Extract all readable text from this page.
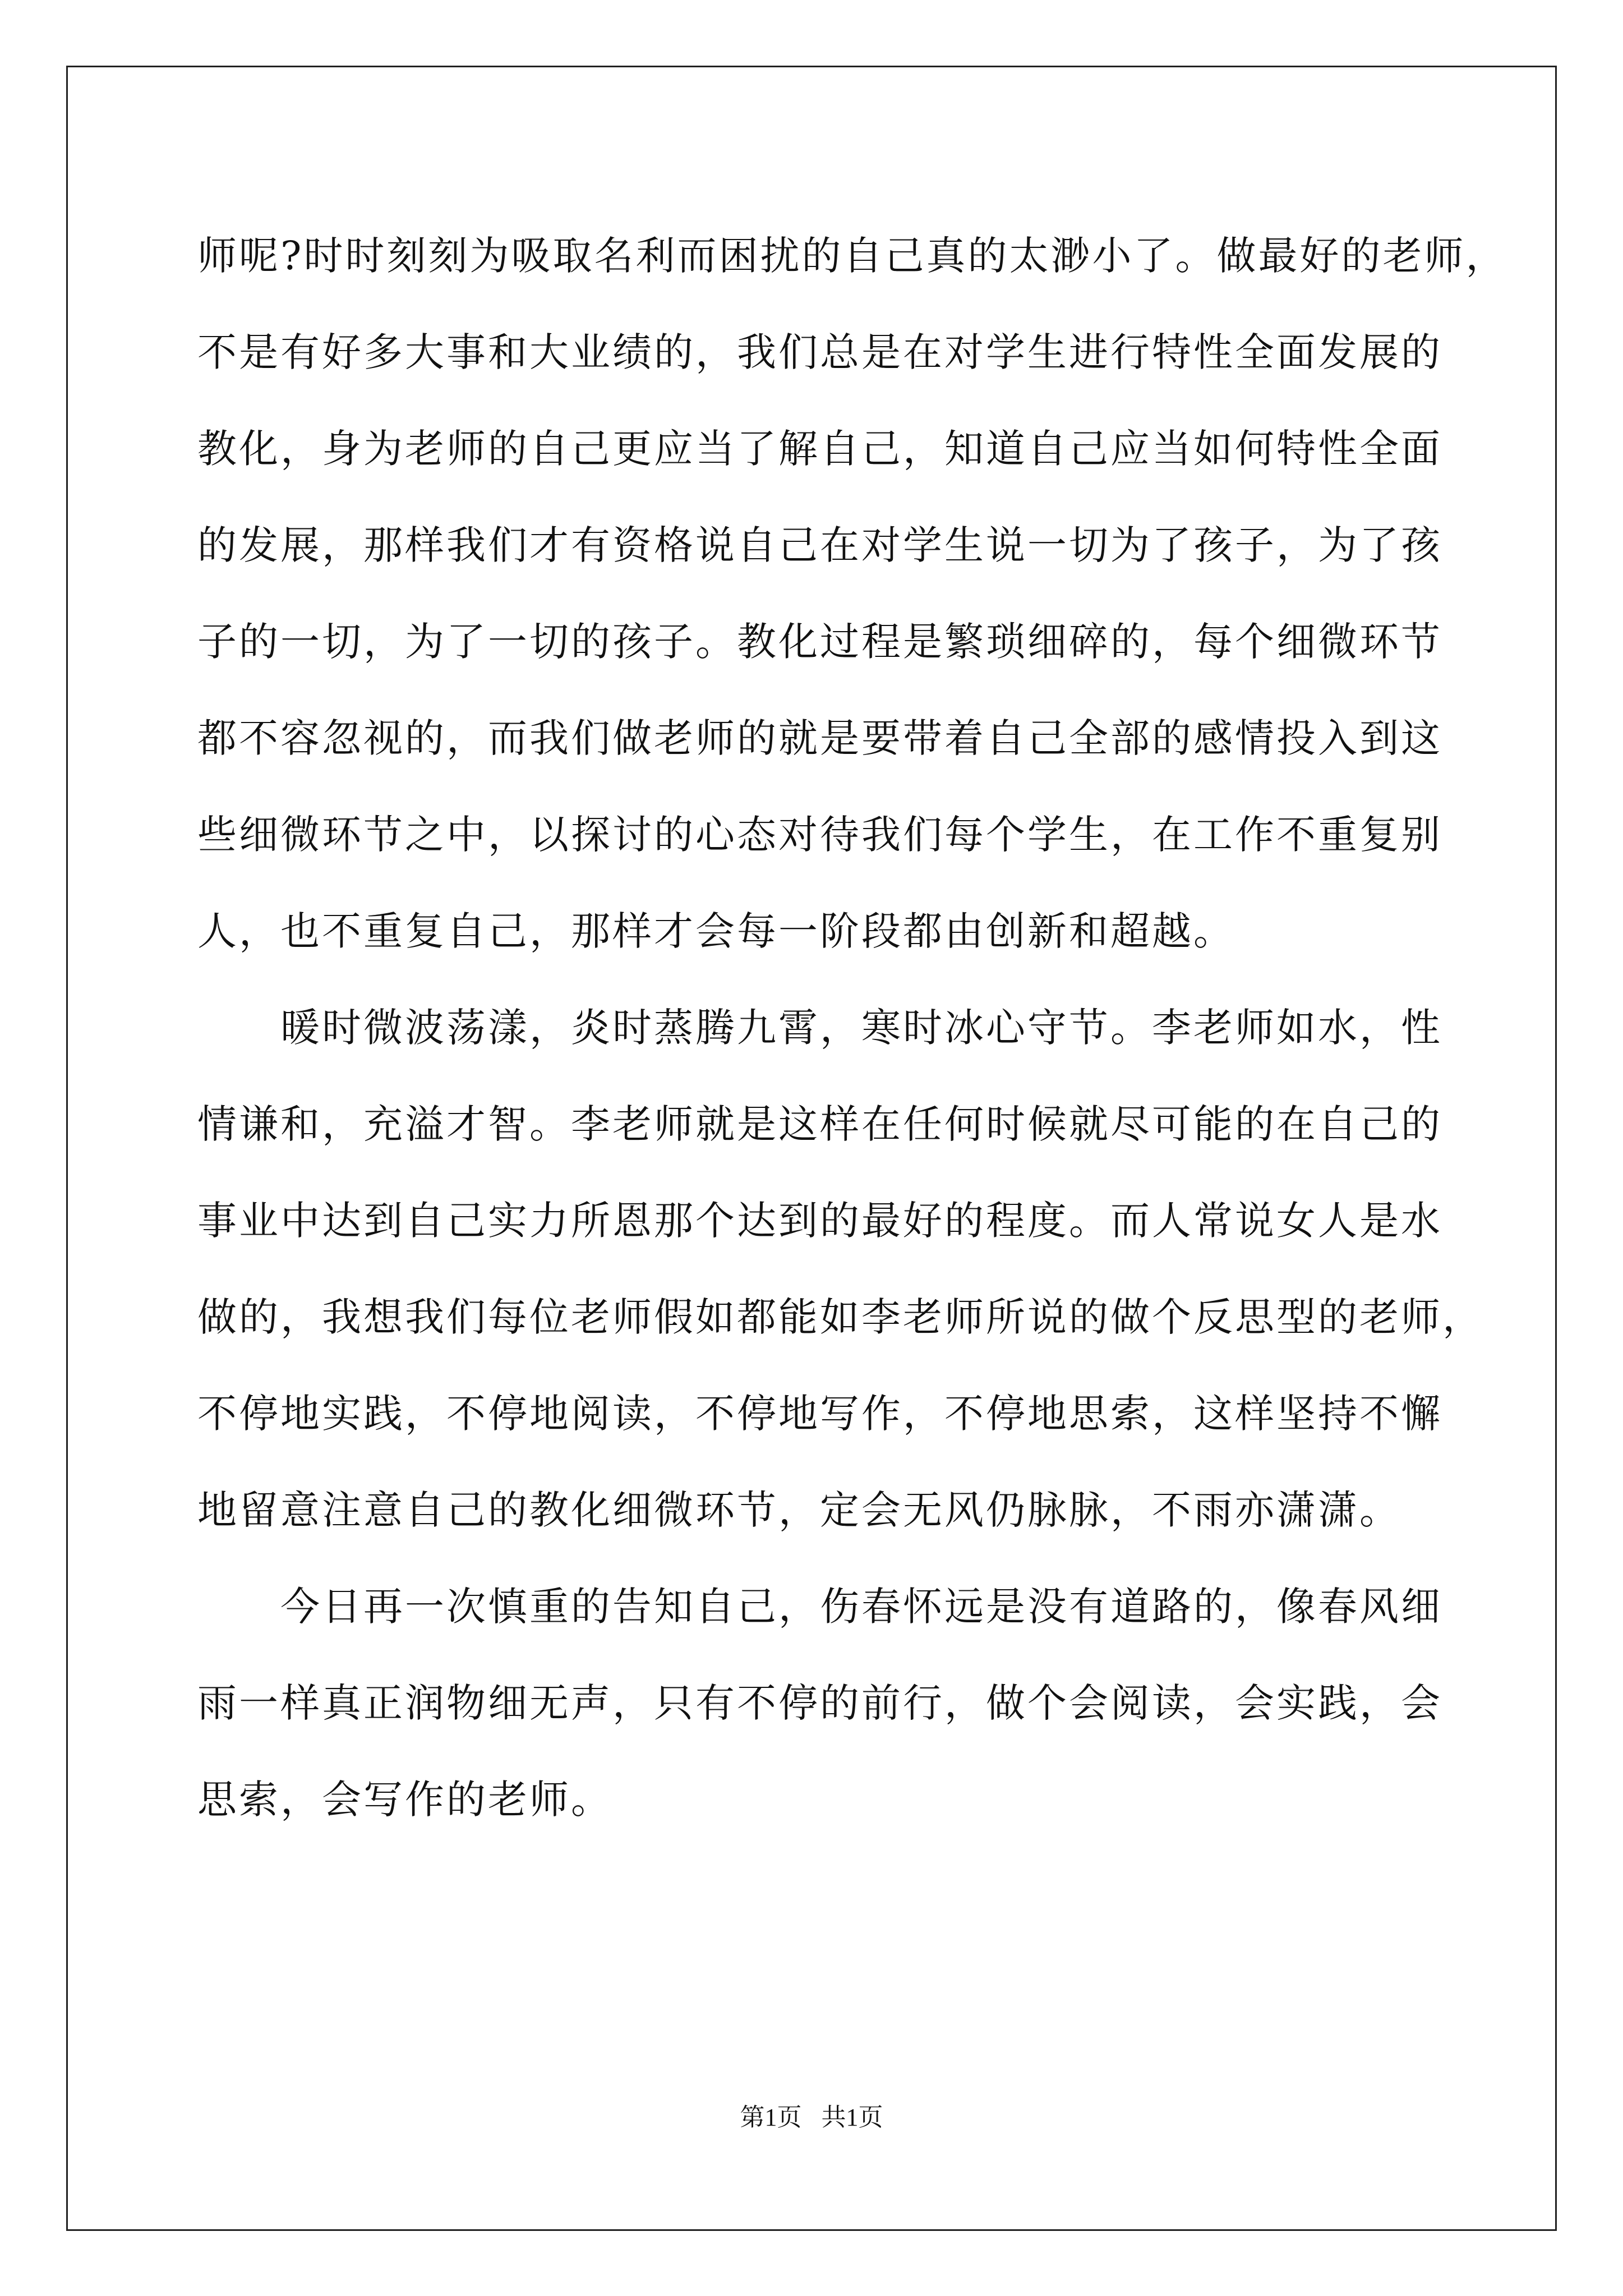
师呢?时时刻刻为吸取名利而困扰的自己真的太渺小了。做最好的老师，
不是有好多大事和大业绩的，我们总是在对学生进行特性全面发展的
教化，身为老师的自己更应当了解自己，知道自己应当如何特性全面
的发展，那样我们才有资格说自己在对学生说一切为了孩子，为了孩
子的一切，为了一切的孩子。教化过程是繁琐细碎的，每个细微环节
都不容忽视的，而我们做老师的就是要带着自己全部的感情投入到这
些细微环节之中，以探讨的心态对待我们每个学生，在工作不重复别
人，也不重复自己，那样才会每一阶段都由创新和超越。
暖时微波荡漾，炎时蒸腾九霄，寒时冰心守节。李老师如水，性
情谦和，充溢才智。李老师就是这样在任何时候就尽可能的在自己的
事业中达到自己实力所恩那个达到的最好的程度。而人常说女人是水
做的，我想我们每位老师假如都能如李老师所说的做个反思型的老师，
不停地实践，不停地阅读，不停地写作，不停地思索，这样坚持不懈
地留意注意自己的教化细微环节，定会无风仍脉脉，不雨亦潇潇。
今日再一次慎重的告知自己，伤春怀远是没有道路的，像春风细
雨一样真正润物细无声，只有不停的前行，做个会阅读，会实践，会
思索，会写作的老师。
第1页 共1页
